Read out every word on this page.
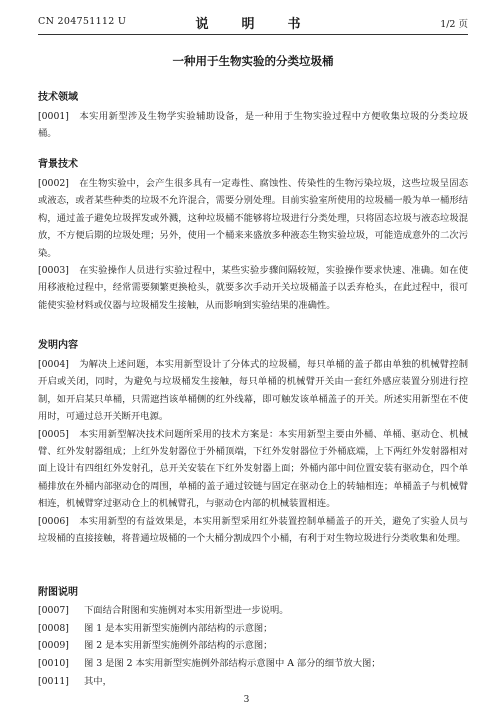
CN 204751112 U	说　明　书	1/2 页
一种用于生物实验的分类垃圾桶
技术领域

[0001] 本实用新型涉及生物学实验辅助设备，是一种用于生物实验过程中方便收集垃圾的分类垃圾桶。

背景技术

[0002] 在生物实验中，会产生很多具有一定毒性、腐蚀性、传染性的生物污染垃圾，这些垃圾呈固态或液态，或者某些种类的垃圾不允许混合，需要分别处理。目前实验室所使用的垃圾桶一般为单一桶形结构，通过盖子避免垃圾挥发或外溅，这种垃圾桶不能够将垃圾进行分类处理，只将固态垃圾与液态垃圾混放，不方便后期的垃圾处理；另外，使用一个桶来来盛放多种液态生物实验垃圾，可能造成意外的二次污染。

[0003] 在实验操作人员进行实验过程中，某些实验步骤间隔较短，实验操作要求快速、准确。如在使用移液枪过程中，经常需要频繁更换枪头，就要多次手动开关垃圾桶盖子以丢弃枪头，在此过程中，很可能使实验材料或仪器与垃圾桶发生接触，从而影响到实验结果的准确性。

发明内容

[0004] 为解决上述问题，本实用新型设计了分体式的垃圾桶，每只单桶的盖子都由单独的机械臂控制开启或关闭，同时，为避免与垃圾桶发生接触，每只单桶的机械臂开关由一套红外感应装置分别进行控制，如开启某只单桶，只需遮挡该单桶侧的红外线幕，即可触发该单桶盖子的开关。所述实用新型在不使用时，可通过总开关断开电源。

[0005] 本实用新型解决技术问题所采用的技术方案是：本实用新型主要由外桶、单桶、驱动仓、机械臂、红外发射器组成；上红外发射器位于外桶顶端，下红外发射器位于外桶底端，上下两红外发射器相对面上设计有四组红外发射孔，总开关安装在下红外发射器上面；外桶内部中间位置安装有驱动仓，四个单桶排放在外桶内部驱动仓的周围，单桶的盖子通过铰链与固定在驱动仓上的转轴相连；单桶盖子与机械臂相连，机械臂穿过驱动仓上的机械臂孔，与驱动仓内部的机械装置相连。

[0006] 本实用新型的有益效果是，本实用新型采用红外装置控制单桶盖子的开关，避免了实验人员与垃圾桶的直接接触，将普通垃圾桶的一个大桶分割成四个小桶，有利于对生物垃圾进行分类收集和处理。

附图说明
[0007] 下面结合附图和实施例对本实用新型进一步说明。
[0008] 图 1 是本实用新型实施例内部结构的示意图；
[0009] 图 2 是本实用新型实施例外部结构的示意图；
[0010] 图 3 是图 2 本实用新型实施例外部结构示意图中 A 部分的细节放大图；
[0011] 其中，
3
